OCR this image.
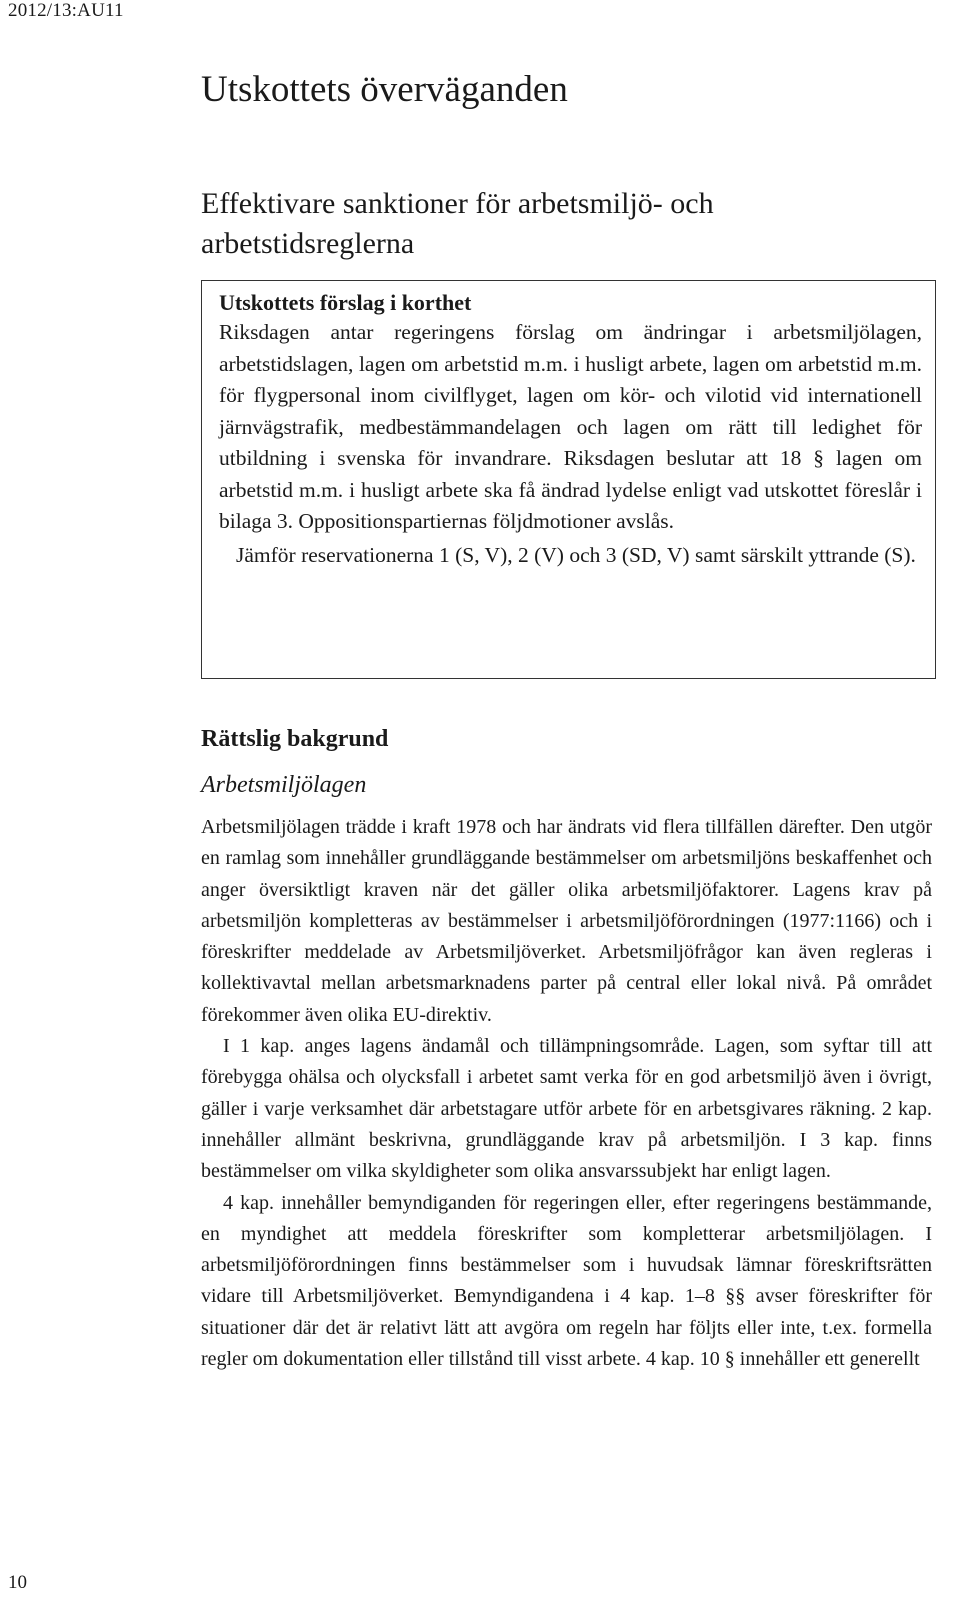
2012/13:AU11
Utskottets överväganden
Effektivare sanktioner för arbetsmiljö- och arbetstidsreglerna

Utskottets förslag i korthet

Riksdagen antar regeringens förslag om ändringar i arbetsmiljölagen, arbetstidslagen, lagen om arbetstid m.m. i husligt arbete, lagen om arbetstid m.m. för flygpersonal inom civilflyget, lagen om kör- och vilotid vid internationell järnvägstrafik, medbestämmandelagen och lagen om rätt till ledighet för utbildning i svenska för invandrare. Riksdagen beslutar att 18 § lagen om arbetstid m.m. i husligt arbete ska få ändrad lydelse enligt vad utskottet föreslår i bilaga 3. Oppositionspartiernas följdmotioner avslås.

Jämför reservationerna 1 (S, V), 2 (V) och 3 (SD, V) samt särskilt yttrande (S).

Rättslig bakgrund
Arbetsmiljölagen

Arbetsmiljölagen trädde i kraft 1978 och har ändrats vid flera tillfällen därefter. Den utgör en ramlag som innehåller grundläggande bestämmelser om arbetsmiljöns beskaffenhet och anger översiktligt kraven när det gäller olika arbetsmiljöfaktorer. Lagens krav på arbetsmiljön kompletteras av bestämmelser i arbetsmiljöförordningen (1977:1166) och i föreskrifter meddelade av Arbetsmiljöverket. Arbetsmiljöfrågor kan även regleras i kollektivavtal mellan arbetsmarknadens parter på central eller lokal nivå. På området förekommer även olika EU-direktiv.

I 1 kap. anges lagens ändamål och tillämpningsområde. Lagen, som syftar till att förebygga ohälsa och olycksfall i arbetet samt verka för en god arbetsmiljö även i övrigt, gäller i varje verksamhet där arbetstagare utför arbete för en arbetsgivares räkning. 2 kap. innehåller allmänt beskrivna, grundläggande krav på arbetsmiljön. I 3 kap. finns bestämmelser om vilka skyldigheter som olika ansvarssubjekt har enligt lagen.

4 kap. innehåller bemyndiganden för regeringen eller, efter regeringens bestämmande, en myndighet att meddela föreskrifter som kompletterar arbetsmiljölagen. I arbetsmiljöförordningen finns bestämmelser som i huvudsak lämnar föreskriftsrätten vidare till Arbetsmiljöverket. Bemyndigandena i 4 kap. 1–8 §§ avser föreskrifter för situationer där det är relativt lätt att avgöra om regeln har följts eller inte, t.ex. formella regler om dokumentation eller tillstånd till visst arbete. 4 kap. 10 § innehåller ett generellt

10
